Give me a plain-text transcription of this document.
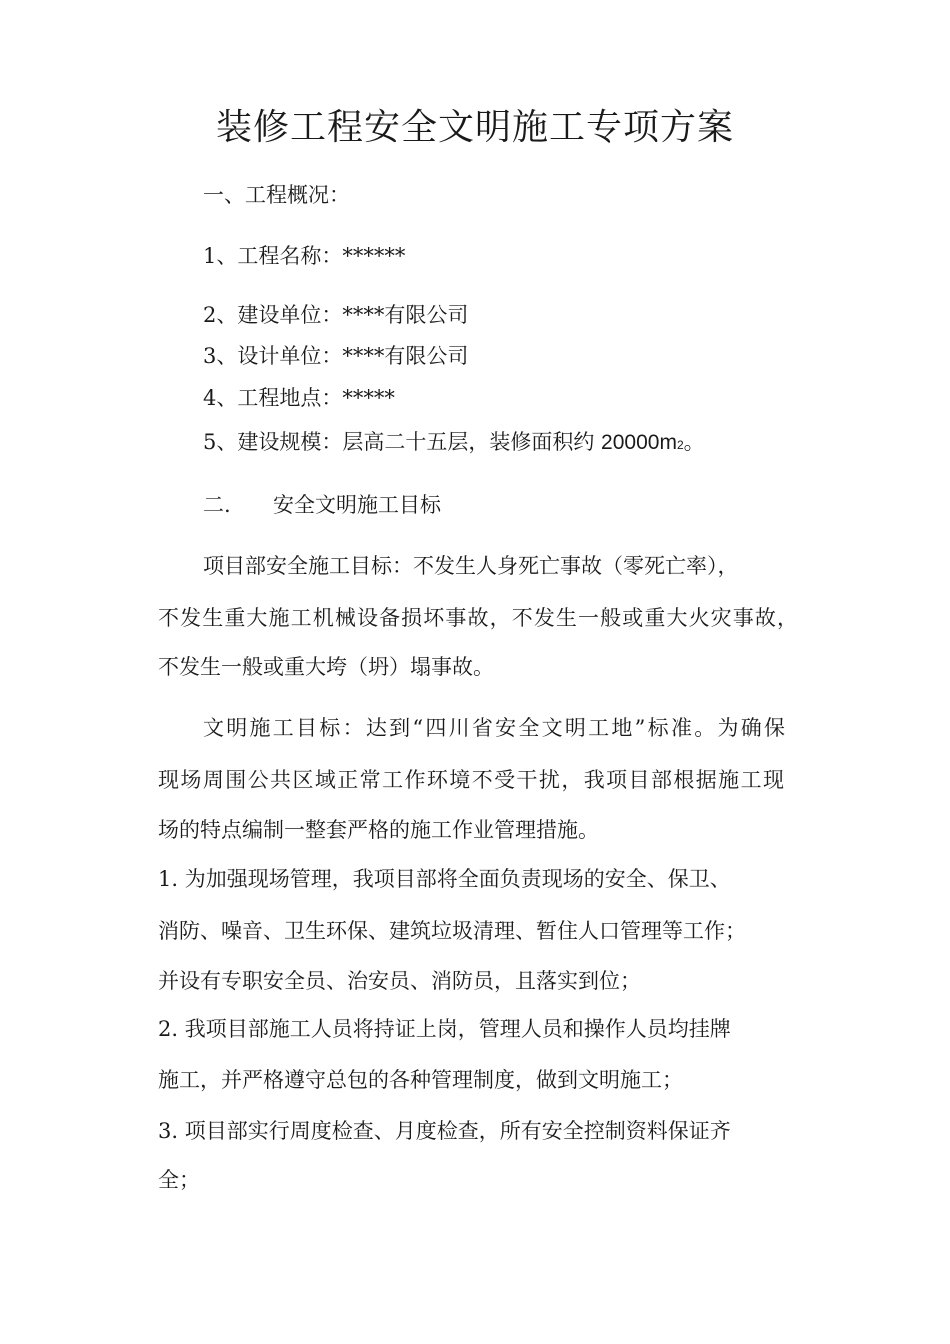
装修工程安全文明施工专项方案
一、工程概况：
1、工程名称：******
2、建设单位：****有限公司
3、设计单位：****有限公司
4、工程地点：*****
5、建设规模：层高二十五层，装修面积约 20000m2。
二. 安全文明施工目标
项目部安全施工目标：不发生人身死亡事故（零死亡率），
不发生重大施工机械设备损坏事故，不发生一般或重大火灾事故，
不发生一般或重大垮（坍）塌事故。
文明施工目标：达到“四川省安全文明工地”标准。为确保
现场周围公共区域正常工作环境不受干扰，我项目部根据施工现
场的特点编制一整套严格的施工作业管理措施。
1. 为加强现场管理，我项目部将全面负责现场的安全、保卫、
消防、噪音、卫生环保、建筑垃圾清理、暂住人口管理等工作；
并设有专职安全员、治安员、消防员，且落实到位；
2. 我项目部施工人员将持证上岗，管理人员和操作人员均挂牌
施工，并严格遵守总包的各种管理制度，做到文明施工；
3. 项目部实行周度检查、月度检查，所有安全控制资料保证齐
全；
